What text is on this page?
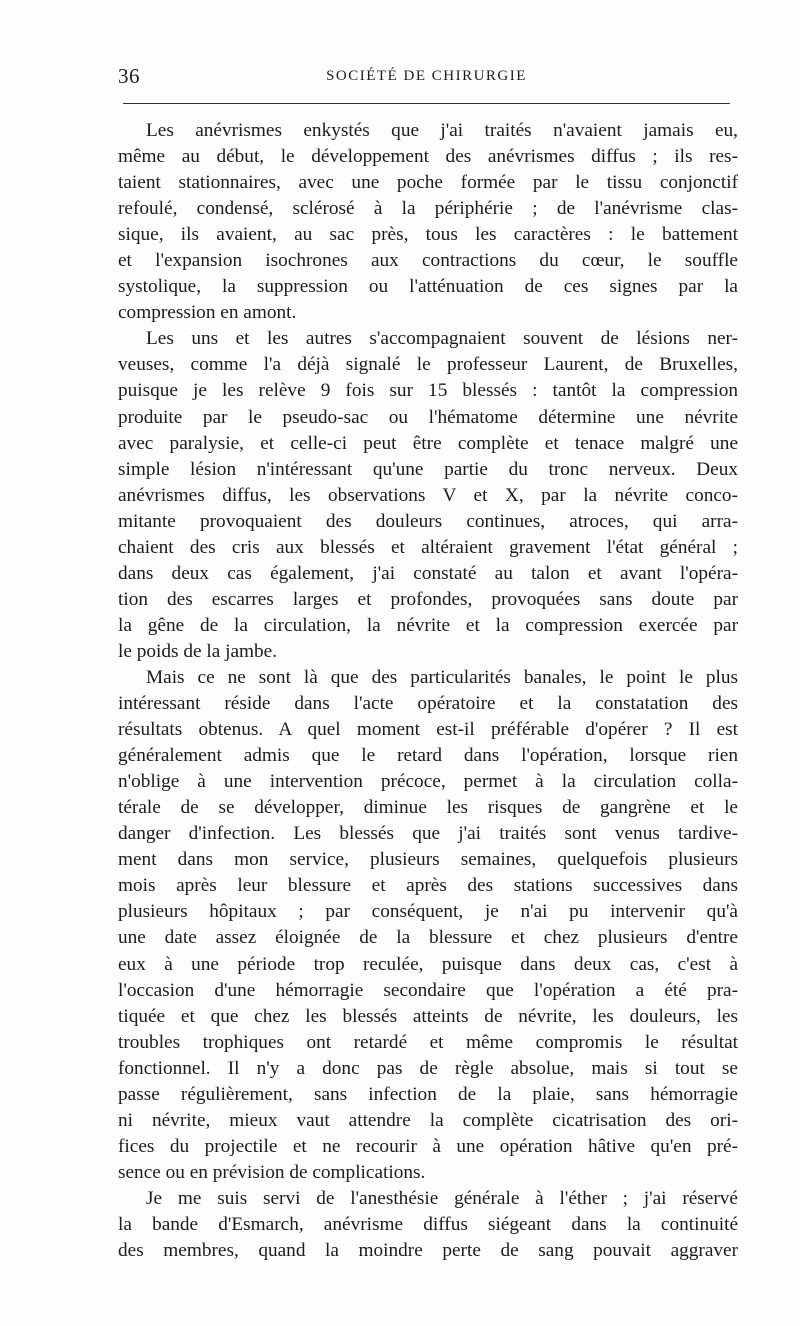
36	SOCIÉTÉ DE CHIRURGIE
Les anévrismes enkystés que j'ai traités n'avaient jamais eu,
même au début, le développement des anévrismes diffus ; ils res-
taient stationnaires, avec une poche formée par le tissu conjonctif
refoulé, condensé, sclérosé à la périphérie ; de l'anévrisme clas-
sique, ils avaient, au sac près, tous les caractères : le battement
et l'expansion isochrones aux contractions du cœur, le souffle
systolique, la suppression ou l'atténuation de ces signes par la
compression en amont.
Les uns et les autres s'accompagnaient souvent de lésions ner-
veuses, comme l'a déjà signalé le professeur Laurent, de Bruxelles,
puisque je les relève 9 fois sur 15 blessés : tantôt la compression
produite par le pseudo-sac ou l'hématome détermine une névrite
avec paralysie, et celle-ci peut être complète et tenace malgré une
simple lésion n'intéressant qu'une partie du tronc nerveux. Deux
anévrismes diffus, les observations V et X, par la névrite conco-
mitante provoquaient des douleurs continues, atroces, qui arra-
chaient des cris aux blessés et altéraient gravement l'état général ;
dans deux cas également, j'ai constaté au talon et avant l'opéra-
tion des escarres larges et profondes, provoquées sans doute par
la gêne de la circulation, la névrite et la compression exercée par
le poids de la jambe.
Mais ce ne sont là que des particularités banales, le point le plus
intéressant réside dans l'acte opératoire et la constatation des
résultats obtenus. A quel moment est-il préférable d'opérer ? Il est
généralement admis que le retard dans l'opération, lorsque rien
n'oblige à une intervention précoce, permet à la circulation colla-
térale de se développer, diminue les risques de gangrène et le
danger d'infection. Les blessés que j'ai traités sont venus tardive-
ment dans mon service, plusieurs semaines, quelquefois plusieurs
mois après leur blessure et après des stations successives dans
plusieurs hôpitaux ; par conséquent, je n'ai pu intervenir qu'à
une date assez éloignée de la blessure et chez plusieurs d'entre
eux à une période trop reculée, puisque dans deux cas, c'est à
l'occasion d'une hémorragie secondaire que l'opération a été pra-
tiquée et que chez les blessés atteints de névrite, les douleurs, les
troubles trophiques ont retardé et même compromis le résultat
fonctionnel. Il n'y a donc pas de règle absolue, mais si tout se
passe régulièrement, sans infection de la plaie, sans hémorragie
ni névrite, mieux vaut attendre la complète cicatrisation des ori-
fices du projectile et ne recourir à une opération hâtive qu'en pré-
sence ou en prévision de complications.
Je me suis servi de l'anesthésie générale à l'éther ; j'ai réservé
la bande d'Esmarch, anévrisme diffus siégeant dans la continuité
des membres, quand la moindre perte de sang pouvait aggraver
